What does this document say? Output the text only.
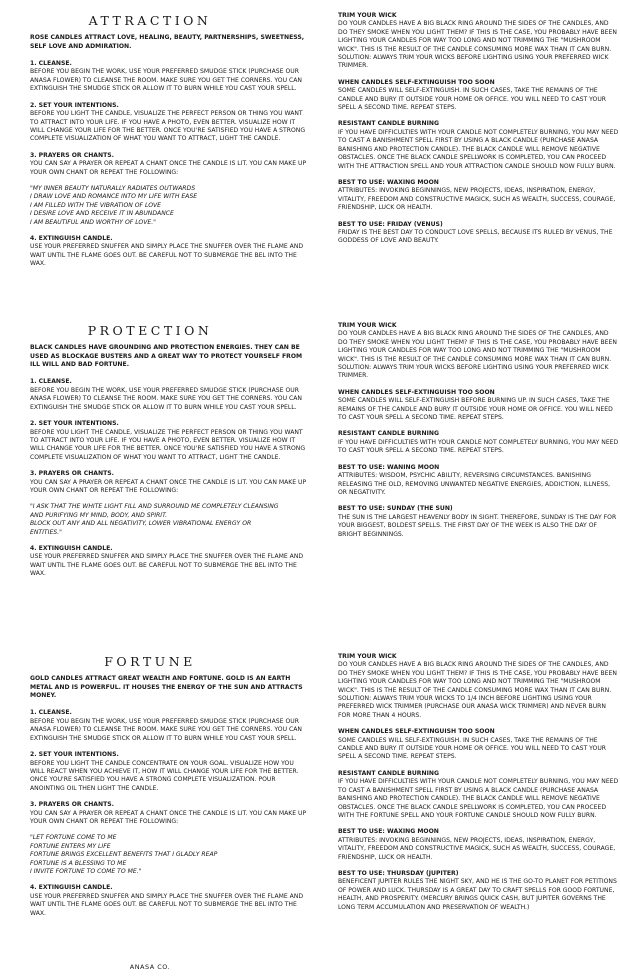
ATTRACTION

ROSE CANDLES ATTRACT LOVE, HEALING, BEAUTY, PARTNERSHIPS, SWEETNESS, SELF LOVE AND ADMIRATION.

1. CLEANSE.

BEFORE YOU BEGIN THE WORK, USE YOUR PREFERRED SMUDGE STICK (PURCHASE OUR ANASA FLOWER) TO CLEANSE THE ROOM. MAKE SURE YOU GET THE CORNERS. YOU CAN EXTINGUISH THE SMUDGE STICK OR ALLOW IT TO BURN WHILE YOU CAST YOUR SPELL.

2. SET YOUR INTENTIONS.

BEFORE YOU LIGHT THE CANDLE, VISUALIZE THE PERFECT PERSON OR THING YOU WANT TO ATTRACT INTO YOUR LIFE. IF YOU HAVE A PHOTO, EVEN BETTER. VISUALIZE HOW IT WILL CHANGE YOUR LIFE FOR THE BETTER. ONCE YOU'RE SATISFIED YOU HAVE A STRONG COMPLETE VISUALIZATION OF WHAT YOU WANT TO ATTRACT, LIGHT THE CANDLE.

3. PRAYERS OR CHANTS.

YOU CAN SAY A PRAYER OR REPEAT A CHANT ONCE THE CANDLE IS LIT. YOU CAN MAKE UP YOUR OWN CHANT OR REPEAT THE FOLLOWING:

"MY INNER BEAUTY NATURALLY RADIATES OUTWARDS
I DRAW LOVE AND ROMANCE INTO MY LIFE WITH EASE
I AM FILLED WITH THE VIBRATION OF LOVE
I DESIRE LOVE AND RECEIVE IT IN ABUNDANCE
I AM BEAUTIFUL AND WORTHY OF LOVE."

4. EXTINGUISH CANDLE.

USE YOUR PREFERRED SNUFFER AND SIMPLY PLACE THE SNUFFER OVER THE FLAME AND WAIT UNTIL THE FLAME GOES OUT. BE CAREFUL NOT TO SUBMERGE THE BEL INTO THE WAX.

TRIM YOUR WICK

DO YOUR CANDLES HAVE A BIG BLACK RING AROUND THE SIDES OF THE CANDLES, AND DO THEY SMOKE WHEN YOU LIGHT THEM? IF THIS IS THE CASE, YOU PROBABLY HAVE BEEN LIGHTING YOUR CANDLES FOR WAY TOO LONG AND NOT TRIMMING THE "MUSHROOM WICK". THIS IS THE RESULT OF THE CANDLE CONSUMING MORE WAX THAN IT CAN BURN. SOLUTION: ALWAYS TRIM YOUR WICKS BEFORE LIGHTING USING YOUR PREFERRED WICK TRIMMER.

WHEN CANDLES SELF-EXTINGUISH TOO SOON

SOME CANDLES WILL SELF-EXTINGUISH. IN SUCH CASES, TAKE THE REMAINS OF THE CANDLE AND BURY IT OUTSIDE YOUR HOME OR OFFICE. YOU WILL NEED TO CAST YOUR SPELL A SECOND TIME. REPEAT STEPS.

RESISTANT CANDLE BURNING

IF YOU HAVE DIFFICULTIES WITH YOUR CANDLE NOT COMPLETELY BURNING, YOU MAY NEED TO CAST A BANISHMENT SPELL FIRST BY USING A BLACK CANDLE (PURCHASE ANASA BANISHING AND PROTECTION CANDLE). THE BLACK CANDLE WILL REMOVE NEGATIVE OBSTACLES. ONCE THE BLACK CANDLE SPELLWORK IS COMPLETED, YOU CAN PROCEED WITH THE ATTRACTION SPELL AND YOUR ATTRACTION CANDLE SHOULD NOW FULLY BURN.

BEST TO USE: WAXING MOON

ATTRIBUTES: INVOKING BEGINNINGS, NEW PROJECTS, IDEAS, INSPIRATION, ENERGY, VITALITY, FREEDOM AND CONSTRUCTIVE MAGICK, SUCH AS WEALTH, SUCCESS, COURAGE, FRIENDSHIP, LUCK OR HEALTH.

BEST TO USE: FRIDAY (VENUS)

FRIDAY IS THE BEST DAY TO CONDUCT LOVE SPELLS, BECAUSE ITS RULED BY VENUS, THE GODDESS OF LOVE AND BEAUTY.

PROTECTION

BLACK CANDLES HAVE GROUNDING AND PROTECTION ENERGIES. THEY CAN BE USED AS BLOCKAGE BUSTERS AND A GREAT WAY TO PROTECT YOURSELF FROM ILL WILL AND BAD FORTUNE.

1. CLEANSE.

BEFORE YOU BEGIN THE WORK, USE YOUR PREFERRED SMUDGE STICK (PURCHASE OUR ANASA FLOWER) TO CLEANSE THE ROOM. MAKE SURE YOU GET THE CORNERS. YOU CAN EXTINGUISH THE SMUDGE STICK OR ALLOW IT TO BURN WHILE YOU CAST YOUR SPELL.

2. SET YOUR INTENTIONS.

BEFORE YOU LIGHT THE CANDLE, VISUALIZE THE PERFECT PERSON OR THING YOU WANT TO ATTRACT INTO YOUR LIFE. IF YOU HAVE A PHOTO, EVEN BETTER. VISUALIZE HOW IT WILL CHANGE YOUR LIFE FOR THE BETTER. ONCE YOU'RE SATISFIED YOU HAVE A STRONG COMPLETE VISUALIZATION OF WHAT YOU WANT TO ATTRACT, LIGHT THE CANDLE.

3. PRAYERS OR CHANTS.

YOU CAN SAY A PRAYER OR REPEAT A CHANT ONCE THE CANDLE IS LIT. YOU CAN MAKE UP YOUR OWN CHANT OR REPEAT THE FOLLOWING:

"I ASK THAT THE WHITE LIGHT FILL AND SURROUND ME COMPLETELY CLEANSING
AND PURIFYING MY MIND, BODY, AND SPIRIT.
BLOCK OUT ANY AND ALL NEGATIVITY, LOWER VIBRATIONAL ENERGY OR
ENTITIES."

4. EXTINGUISH CANDLE.

USE YOUR PREFERRED SNUFFER AND SIMPLY PLACE THE SNUFFER OVER THE FLAME AND WAIT UNTIL THE FLAME GOES OUT. BE CAREFUL NOT TO SUBMERGE THE BEL INTO THE WAX.

TRIM YOUR WICK

DO YOUR CANDLES HAVE A BIG BLACK RING AROUND THE SIDES OF THE CANDLES, AND DO THEY SMOKE WHEN YOU LIGHT THEM? IF THIS IS THE CASE, YOU PROBABLY HAVE BEEN LIGHTING YOUR CANDLES FOR WAY TOO LONG AND NOT TRIMMING THE "MUSHROOM WICK". THIS IS THE RESULT OF THE CANDLE CONSUMING MORE WAX THAN IT CAN BURN. SOLUTION: ALWAYS TRIM YOUR WICKS BEFORE LIGHTING USING YOUR PREFERRED WICK TRIMMER.

WHEN CANDLES SELF-EXTINGUISH TOO SOON

SOME CANDLES WILL SELF-EXTINGUISH BEFORE BURNING UP. IN SUCH CASES, TAKE THE REMAINS OF THE CANDLE AND BURY IT OUTSIDE YOUR HOME OR OFFICE. YOU WILL NEED TO CAST YOUR SPELL A SECOND TIME. REPEAT STEPS.

RESISTANT CANDLE BURNING

IF YOU HAVE DIFFICULTIES WITH YOUR CANDLE NOT COMPLETELY BURNING, YOU MAY NEED TO CAST YOUR SPELL A SECOND TIME. REPEAT STEPS.

BEST TO USE: WANING MOON

ATTRIBUTES: WISDOM, PSYCHIC ABILITY, REVERSING CIRCUMSTANCES. BANISHING RELEASING THE OLD, REMOVING UNWANTED NEGATIVE ENERGIES, ADDICTION, ILLNESS, OR NEGATIVITY.

BEST TO USE: SUNDAY (THE SUN)

THE SUN IS THE LARGEST HEAVENLY BODY IN SIGHT. THEREFORE, SUNDAY IS THE DAY FOR YOUR BIGGEST, BOLDEST SPELLS. THE FIRST DAY OF THE WEEK IS ALSO THE DAY OF BRIGHT BEGINNINGS.

FORTUNE

GOLD CANDLES ATTRACT GREAT WEALTH AND FORTUNE. GOLD IS AN EARTH METAL AND IS POWERFUL. IT HOUSES THE ENERGY OF THE SUN AND ATTRACTS MONEY.

1. CLEANSE.

BEFORE YOU BEGIN THE WORK, USE YOUR PREFERRED SMUDGE STICK (PURCHASE OUR ANASA FLOWER) TO CLEANSE THE ROOM. MAKE SURE YOU GET THE CORNERS. YOU CAN EXTINGUISH THE SMUDGE STICK OR ALLOW IT TO BURN WHILE YOU CAST YOUR SPELL.

2. SET YOUR INTENTIONS.

BEFORE YOU LIGHT THE CANDLE CONCENTRATE ON YOUR GOAL. VISUALIZE HOW YOU WILL REACT WHEN YOU ACHIEVE IT, HOW IT WILL CHANGE YOUR LIFE FOR THE BETTER. ONCE YOU'RE SATISFIED YOU HAVE A STRONG COMPLETE VISUALIZATION. POUR ANOINTING OIL THEN LIGHT THE CANDLE.

3. PRAYERS OR CHANTS.

YOU CAN SAY A PRAYER OR REPEAT A CHANT ONCE THE CANDLE IS LIT. YOU CAN MAKE UP YOUR OWN CHANT OR REPEAT THE FOLLOWING:

"LET FORTUNE COME TO ME
FORTUNE ENTERS MY LIFE
FORTUNE BRINGS EXCELLENT BENEFITS THAT I GLADLY REAP
FORTUNE IS A BLESSING TO ME
I INVITE FORTUNE TO COME TO ME."

4. EXTINGUISH CANDLE.

USE YOUR PREFERRED SNUFFER AND SIMPLY PLACE THE SNUFFER OVER THE FLAME AND WAIT UNTIL THE FLAME GOES OUT. BE CAREFUL NOT TO SUBMERGE THE BEL INTO THE WAX.

TRIM YOUR WICK

DO YOUR CANDLES HAVE A BIG BLACK RING AROUND THE SIDES OF THE CANDLES, AND DO THEY SMOKE WHEN YOU LIGHT THEM? IF THIS IS THE CASE, YOU PROBABLY HAVE BEEN LIGHTING YOUR CANDLES FOR WAY TOO LONG AND NOT TRIMMING THE "MUSHROOM WICK". THIS IS THE RESULT OF THE CANDLE CONSUMING MORE WAX THAN IT CAN BURN. SOLUTION: ALWAYS TRIM YOUR WICKS TO 1/4 INCH BEFORE LIGHTING USING YOUR PREFERRED WICK TRIMMER (PURCHASE OUR ANASA WICK TRIMMER) AND NEVER BURN FOR MORE THAN 4 HOURS.

WHEN CANDLES SELF-EXTINGUISH TOO SOON

SOME CANDLES WILL SELF-EXTINGUISH. IN SUCH CASES, TAKE THE REMAINS OF THE CANDLE AND BURY IT OUTSIDE YOUR HOME OR OFFICE. YOU WILL NEED TO CAST YOUR SPELL A SECOND TIME. REPEAT STEPS.

RESISTANT CANDLE BURNING

IF YOU HAVE DIFFICULTIES WITH YOUR CANDLE NOT COMPLETELY BURNING, YOU MAY NEED TO CAST A BANISHMENT SPELL FIRST BY USING A BLACK CANDLE (PURCHASE ANASA BANISHING AND PROTECTION CANDLE). THE BLACK CANDLE WILL REMOVE NEGATIVE OBSTACLES. ONCE THE BLACK CANDLE SPELLWORK IS COMPLETED, YOU CAN PROCEED WITH THE FORTUNE SPELL AND YOUR FORTUNE CANDLE SHOULD NOW FULLY BURN.

BEST TO USE: WAXING MOON

ATTRIBUTES: INVOKING BEGINNINGS, NEW PROJECTS, IDEAS, INSPIRATION, ENERGY, VITALITY, FREEDOM AND CONSTRUCTIVE MAGICK, SUCH AS WEALTH, SUCCESS, COURAGE, FRIENDSHIP, LUCK OR HEALTH.

BEST TO USE: THURSDAY (JUPITER)

BENEFICENT JUPITER RULES THE NIGHT SKY, AND HE IS THE GO-TO PLANET FOR PETITIONS OF POWER AND LUCK. THURSDAY IS A GREAT DAY TO CRAFT SPELLS FOR GOOD FORTUNE, HEALTH, AND PROSPERITY. (MERCURY BRINGS QUICK CASH, BUT JUPITER GOVERNS THE LONG TERM ACCUMULATION AND PRESERVATION OF WEALTH.)

ANASA CO.
